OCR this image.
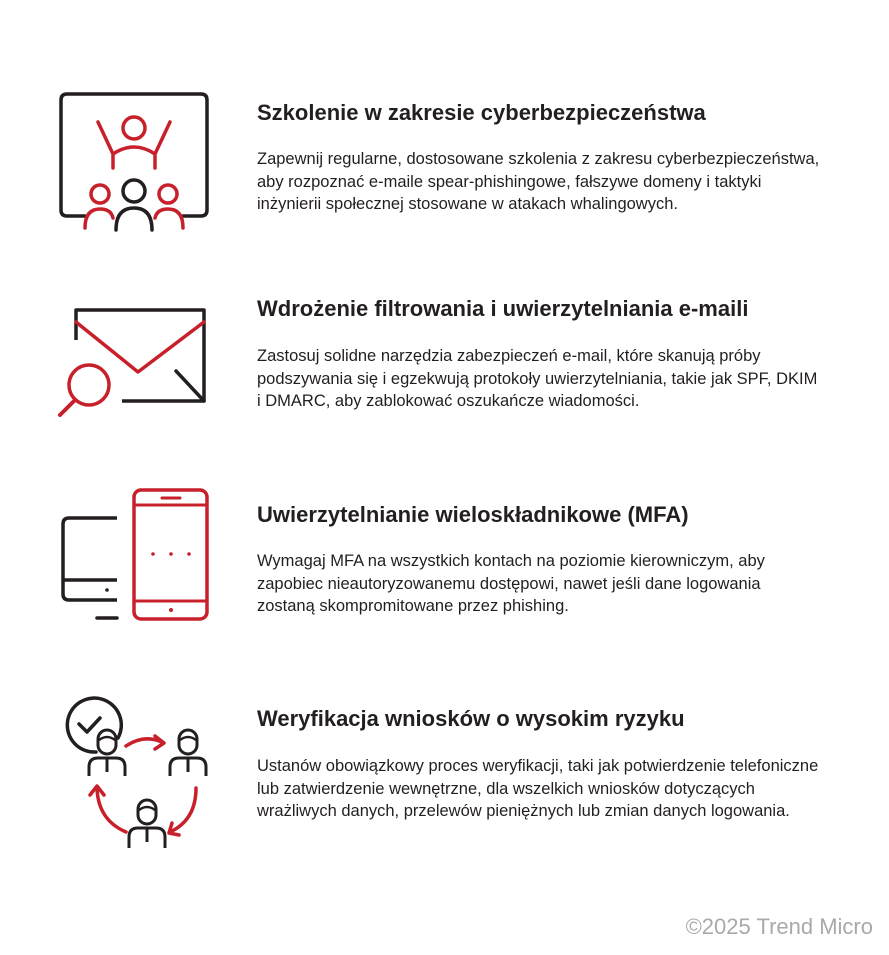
Szkolenie w zakresie cyberbezpieczeństwa

Zapewnij regularne, dostosowane szkolenia z zakresu cyberbezpieczeństwa, aby rozpoznać e-maile spear-phishingowe, fałszywe domeny i taktyki inżynierii społecznej stosowane w atakach whalingowych.

Wdrożenie filtrowania i uwierzytelniania e-maili

Zastosuj solidne narzędzia zabezpieczeń e-mail, które skanują próby podszywania się i egzekwują protokoły uwierzytelniania, takie jak SPF, DKIM i DMARC, aby zablokować oszukańcze wiadomości.

Uwierzytelnianie wieloskładnikowe (MFA)

Wymagaj MFA na wszystkich kontach na poziomie kierowniczym, aby zapobiec nieautoryzowanemu dostępowi, nawet jeśli dane logowania zostaną skompromitowane przez phishing.

Weryfikacja wniosków o wysokim ryzyku

Ustanów obowiązkowy proces weryfikacji, taki jak potwierdzenie telefoniczne lub zatwierdzenie wewnętrzne, dla wszelkich wniosków dotyczących wrażliwych danych, przelewów pieniężnych lub zmian danych logowania.

©2025 Trend Micro
